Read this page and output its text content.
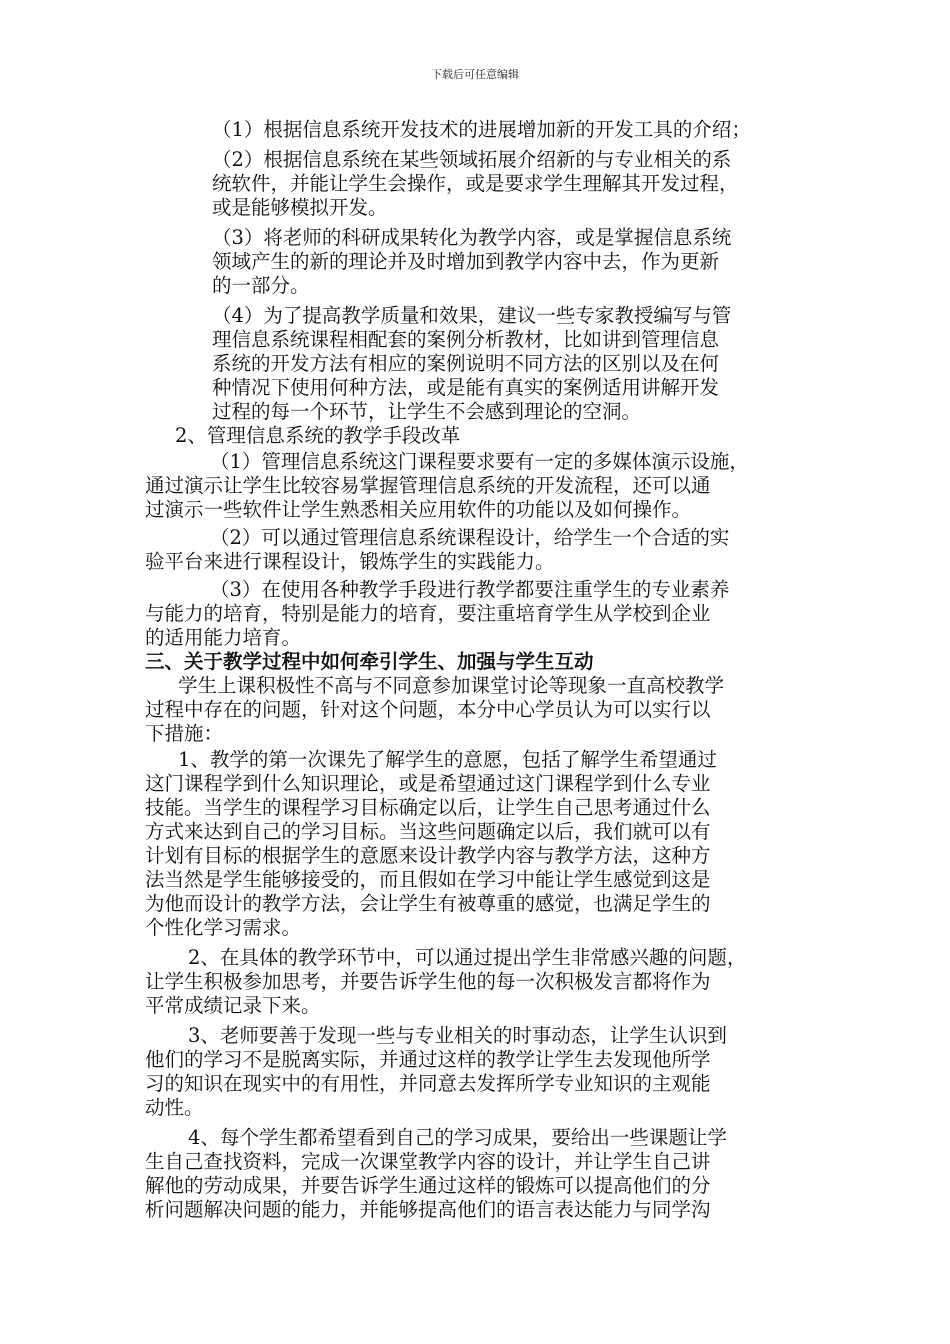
下载后可任意编辑
（1）根据信息系统开发技术的进展增加新的开发工具的介绍；
（2）根据信息系统在某些领域拓展介绍新的与专业相关的系
统软件，并能让学生会操作，或是要求学生理解其开发过程，
或是能够模拟开发。
（3）将老师的科研成果转化为教学内容，或是掌握信息系统
领域产生的新的理论并及时增加到教学内容中去，作为更新
的一部分。
（4）为了提高教学质量和效果，建议一些专家教授编写与管
理信息系统课程相配套的案例分析教材，比如讲到管理信息
系统的开发方法有相应的案例说明不同方法的区别以及在何
种情况下使用何种方法，或是能有真实的案例适用讲解开发
过程的每一个环节，让学生不会感到理论的空洞。
2、管理信息系统的教学手段改革
（1）管理信息系统这门课程要求要有一定的多媒体演示设施，
通过演示让学生比较容易掌握管理信息系统的开发流程，还可以通
过演示一些软件让学生熟悉相关应用软件的功能以及如何操作。
（2）可以通过管理信息系统课程设计，给学生一个合适的实
验平台来进行课程设计，锻炼学生的实践能力。
（3）在使用各种教学手段进行教学都要注重学生的专业素养
与能力的培育，特别是能力的培育，要注重培育学生从学校到企业
的适用能力培育。
三、关于教学过程中如何牵引学生、加强与学生互动
学生上课积极性不高与不同意参加课堂讨论等现象一直高校教学
过程中存在的问题，针对这个问题，本分中心学员认为可以实行以
下措施：
1、教学的第一次课先了解学生的意愿，包括了解学生希望通过
这门课程学到什么知识理论，或是希望通过这门课程学到什么专业
技能。当学生的课程学习目标确定以后，让学生自己思考通过什么
方式来达到自己的学习目标。当这些问题确定以后，我们就可以有
计划有目标的根据学生的意愿来设计教学内容与教学方法，这种方
法当然是学生能够接受的，而且假如在学习中能让学生感觉到这是
为他而设计的教学方法，会让学生有被尊重的感觉，也满足学生的
个性化学习需求。
2、在具体的教学环节中，可以通过提出学生非常感兴趣的问题，
让学生积极参加思考，并要告诉学生他的每一次积极发言都将作为
平常成绩记录下来。
3、老师要善于发现一些与专业相关的时事动态，让学生认识到
他们的学习不是脱离实际，并通过这样的教学让学生去发现他所学
习的知识在现实中的有用性，并同意去发挥所学专业知识的主观能
动性。
4、每个学生都希望看到自己的学习成果，要给出一些课题让学
生自己查找资料，完成一次课堂教学内容的设计，并让学生自己讲
解他的劳动成果，并要告诉学生通过这样的锻炼可以提高他们的分
析问题解决问题的能力，并能够提高他们的语言表达能力与同学沟
